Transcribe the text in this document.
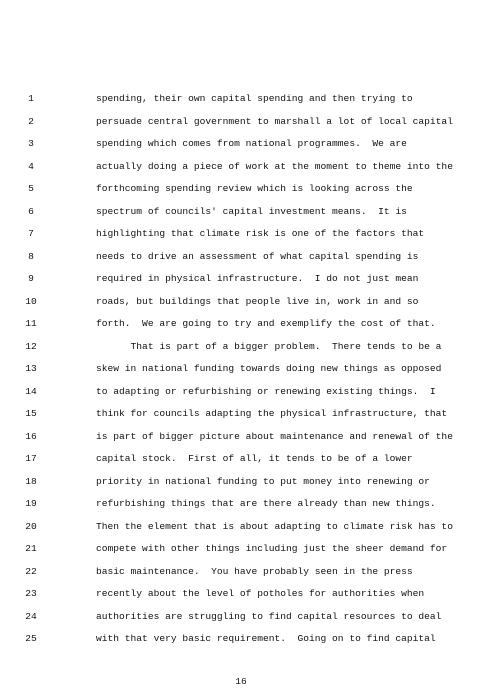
1	spending, their own capital spending and then trying to
2	persuade central government to marshall a lot of local capital
3	spending which comes from national programmes.  We are
4	actually doing a piece of work at the moment to theme into the
5	forthcoming spending review which is looking across the
6	spectrum of councils' capital investment means.  It is
7	highlighting that climate risk is one of the factors that
8	needs to drive an assessment of what capital spending is
9	required in physical infrastructure.  I do not just mean
10	roads, but buildings that people live in, work in and so
11	forth.  We are going to try and exemplify the cost of that.
12	That is part of a bigger problem.  There tends to be a
13	skew in national funding towards doing new things as opposed
14	to adapting or refurbishing or renewing existing things.  I
15	think for councils adapting the physical infrastructure, that
16	is part of bigger picture about maintenance and renewal of the
17	capital stock.  First of all, it tends to be of a lower
18	priority in national funding to put money into renewing or
19	refurbishing things that are there already than new things.
20	Then the element that is about adapting to climate risk has to
21	compete with other things including just the sheer demand for
22	basic maintenance.  You have probably seen in the press
23	recently about the level of potholes for authorities when
24	authorities are struggling to find capital resources to deal
25	with that very basic requirement.  Going on to find capital
16
